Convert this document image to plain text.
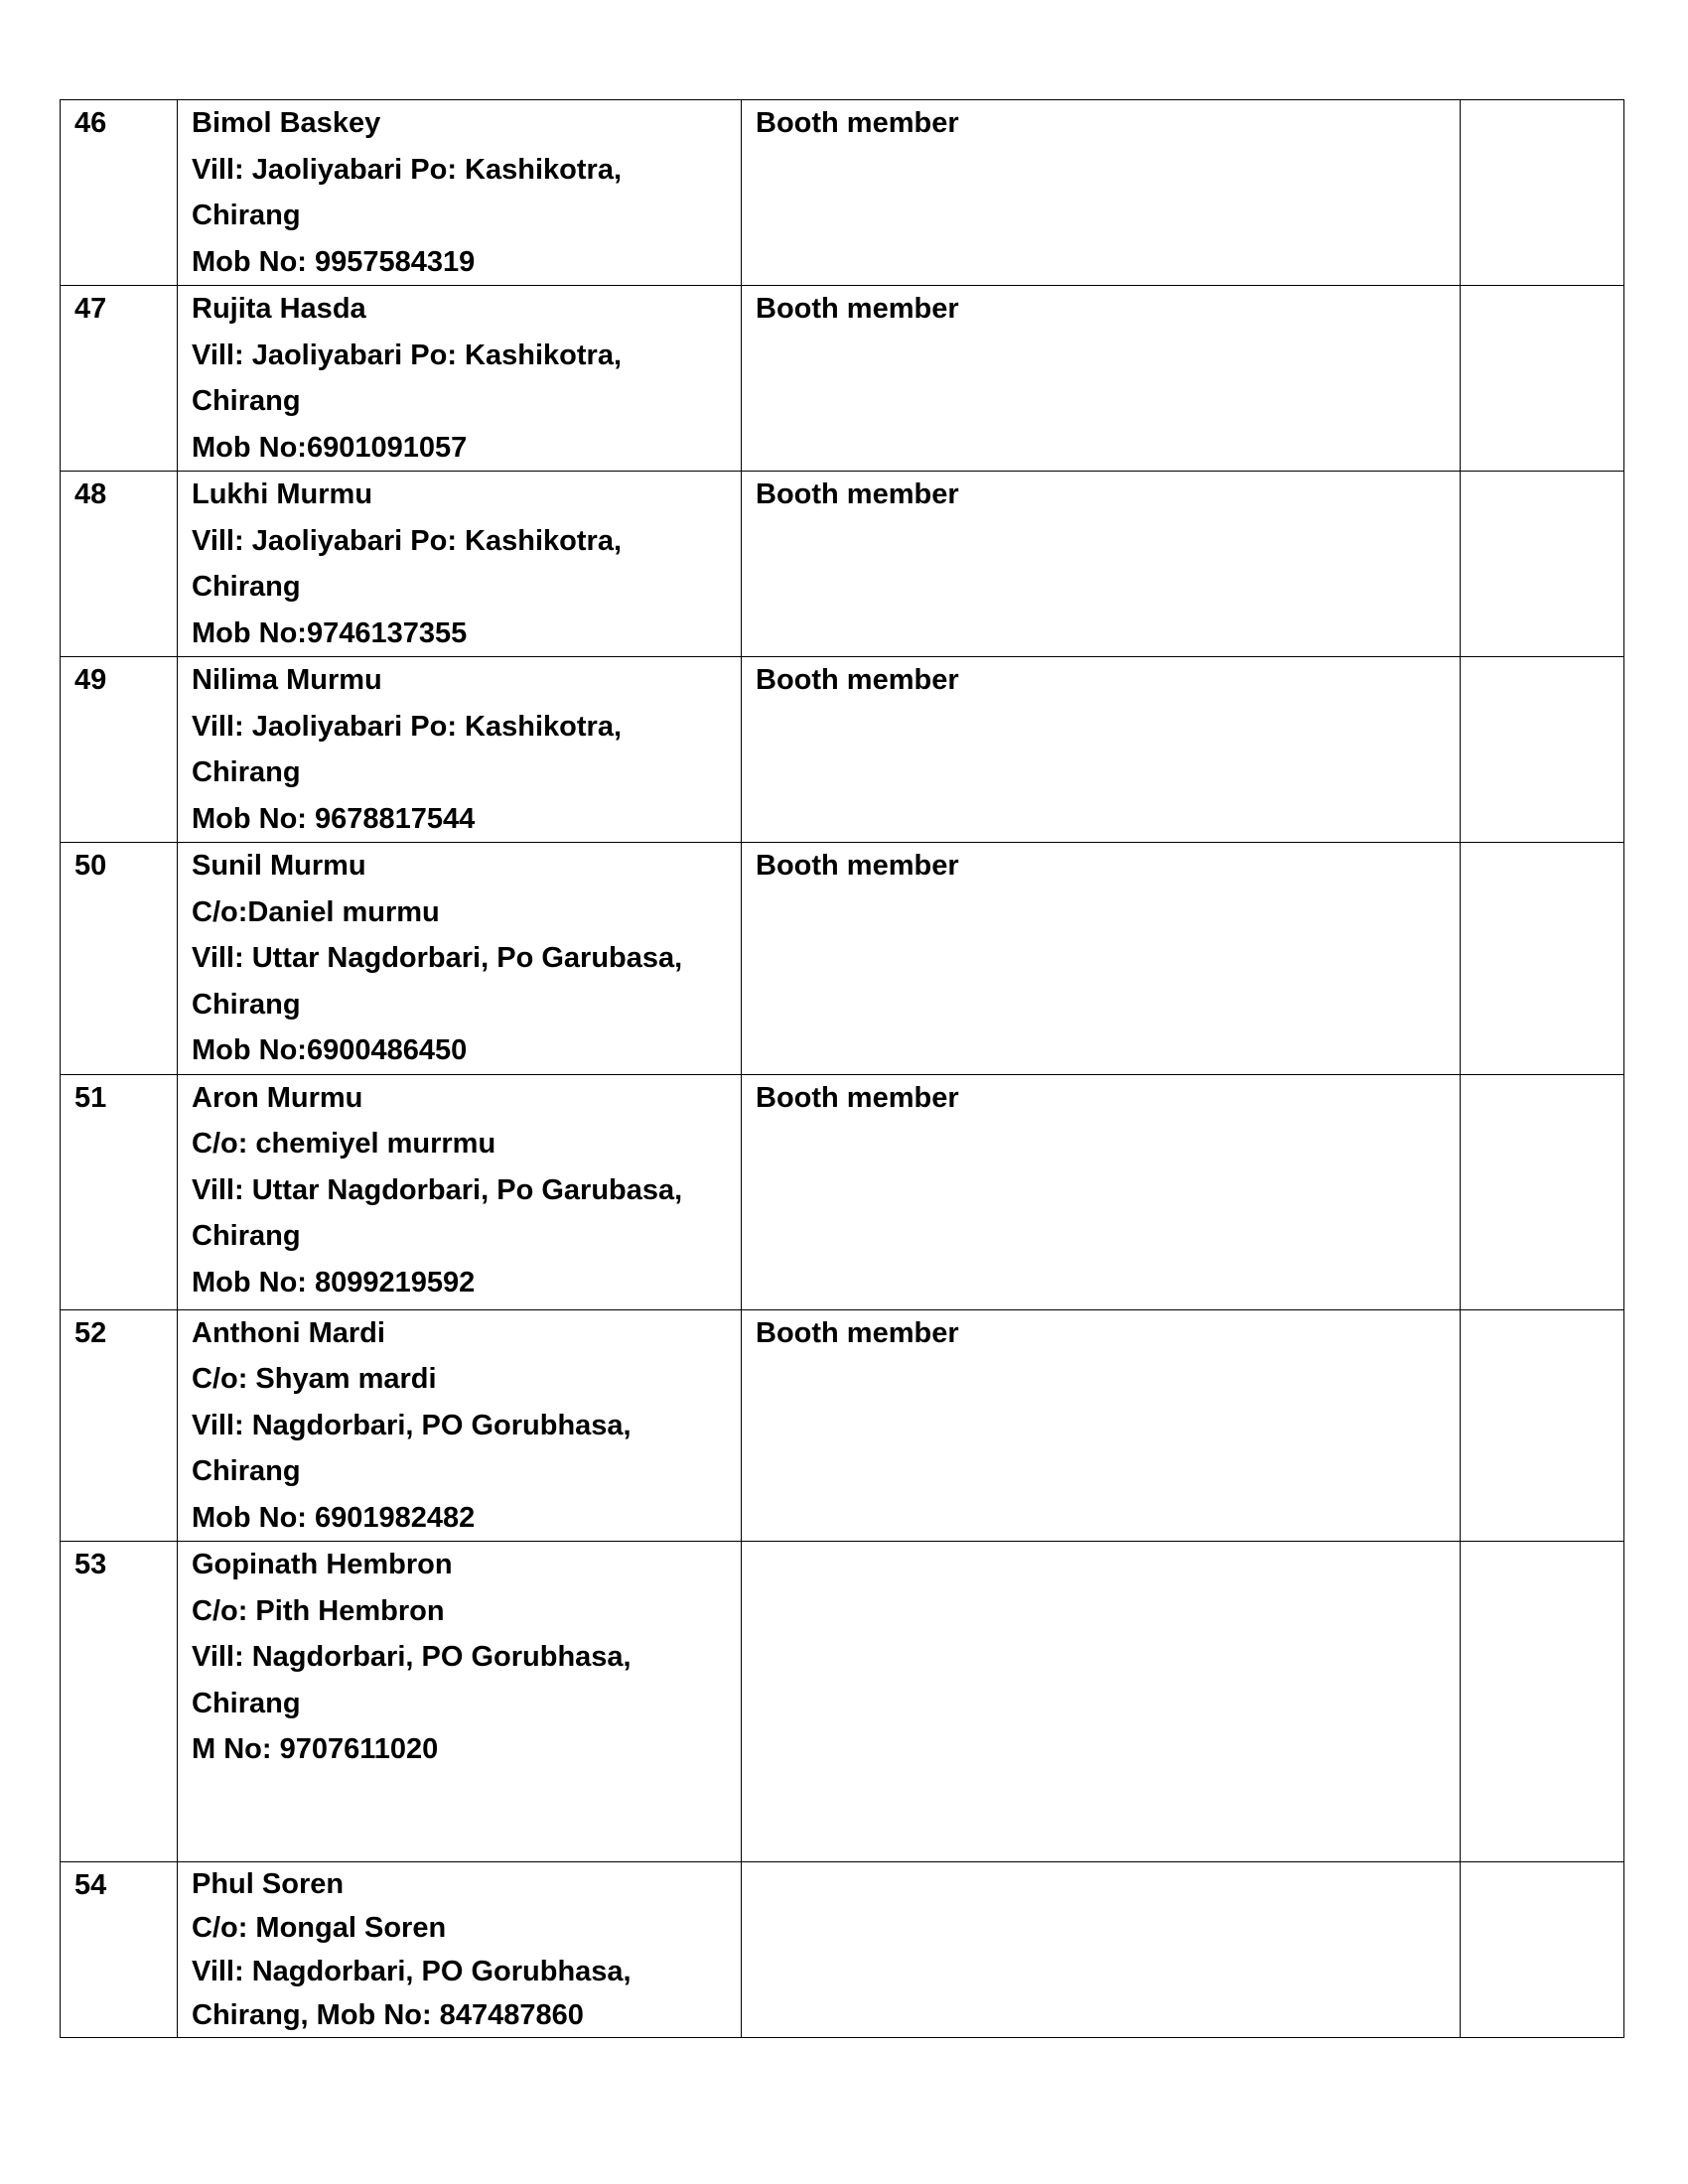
46	Bimol Baskey
Vill: Jaoliyabari Po: Kashikotra,
Chirang
Mob No: 9957584319	Booth member	
47	Rujita Hasda
Vill: Jaoliyabari Po: Kashikotra,
Chirang
Mob No:6901091057	Booth member	
48	Lukhi Murmu
Vill: Jaoliyabari Po: Kashikotra,
Chirang
Mob No:9746137355	Booth member	
49	Nilima Murmu
Vill: Jaoliyabari Po: Kashikotra,
Chirang
Mob No: 9678817544	Booth member	
50	Sunil Murmu
C/o:Daniel murmu
Vill: Uttar Nagdorbari, Po Garubasa,
Chirang
Mob No:6900486450	Booth member	
51	Aron Murmu
C/o: chemiyel murrmu
Vill: Uttar Nagdorbari, Po Garubasa,
Chirang
Mob No: 8099219592	Booth member	
52	Anthoni Mardi
C/o: Shyam mardi
Vill: Nagdorbari, PO Gorubhasa,
Chirang
Mob No: 6901982482	Booth member	
53	Gopinath Hembron
C/o: Pith Hembron
Vill: Nagdorbari, PO Gorubhasa,
Chirang
M No: 9707611020		

54	Phul Soren
C/o: Mongal Soren
Vill: Nagdorbari, PO Gorubhasa,
Chirang, Mob No: 847487860		
